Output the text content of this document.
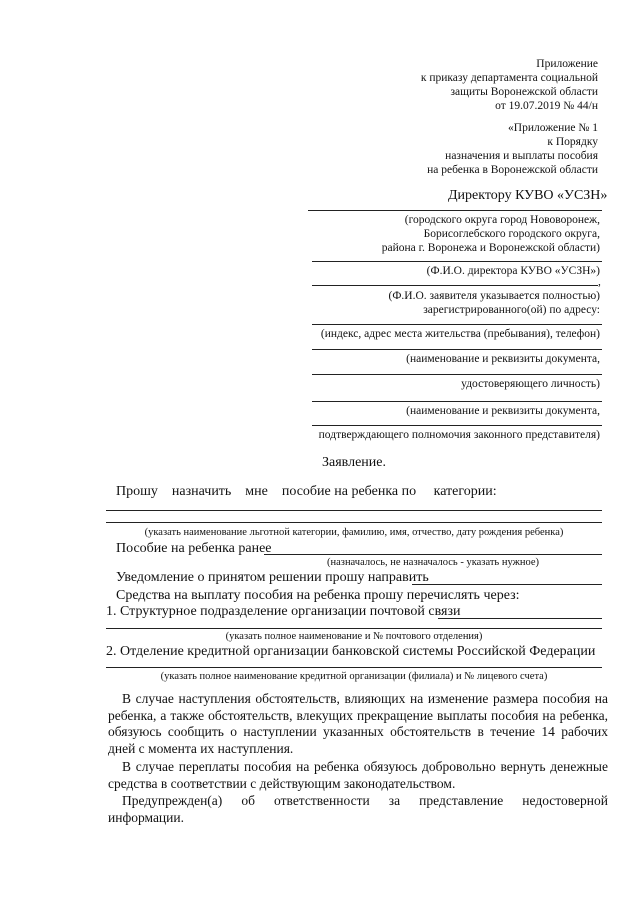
Приложение
к приказу департамента социальной
защиты Воронежской области
от 19.07.2019 № 44/н
«Приложение № 1
к Порядку
назначения и выплаты пособия
на ребенка в Воронежской области
Директору КУВО «УСЗН»
(городского округа город Нововоронеж,
Борисоглебского городского округа,
района г. Воронежа и Воронежской области)
(Ф.И.О. директора КУВО «УСЗН»)
,
(Ф.И.О. заявителя указывается полностью)
зарегистрированного(ой) по адресу:
(индекс, адрес места жительства (пребывания), телефон)
(наименование и реквизиты документа,
удостоверяющего личность)
(наименование и реквизиты документа,
подтверждающего полномочия законного представителя)
Заявление.
Прошу    назначить    мне    пособие на ребенка по     категории:
(указать наименование льготной категории, фамилию, имя, отчество, дату рождения ребенка)
Пособие на ребенка ранее
(назначалось, не назначалось - указать нужное)
Уведомление о принятом решении прошу направить
Средства на выплату пособия на ребенка прошу перечислять через:
1. Структурное подразделение организации почтовой связи
(указать полное наименование и № почтового отделения)
2. Отделение кредитной организации банковской системы Российской Федерации
(указать полное наименование кредитной организации (филиала) и № лицевого счета)
В случае наступления обстоятельств, влияющих на изменение размера пособия на ребенка, а также обстоятельств, влекущих прекращение выплаты пособия на ребенка, обязуюсь сообщить о наступлении указанных обстоятельств в течение 14 рабочих дней с момента их наступления.
В случае переплаты пособия на ребенка обязуюсь добровольно вернуть денежные средства в соответствии с действующим законодательством.
Предупрежден(а) об ответственности за представление недостоверной информации.
